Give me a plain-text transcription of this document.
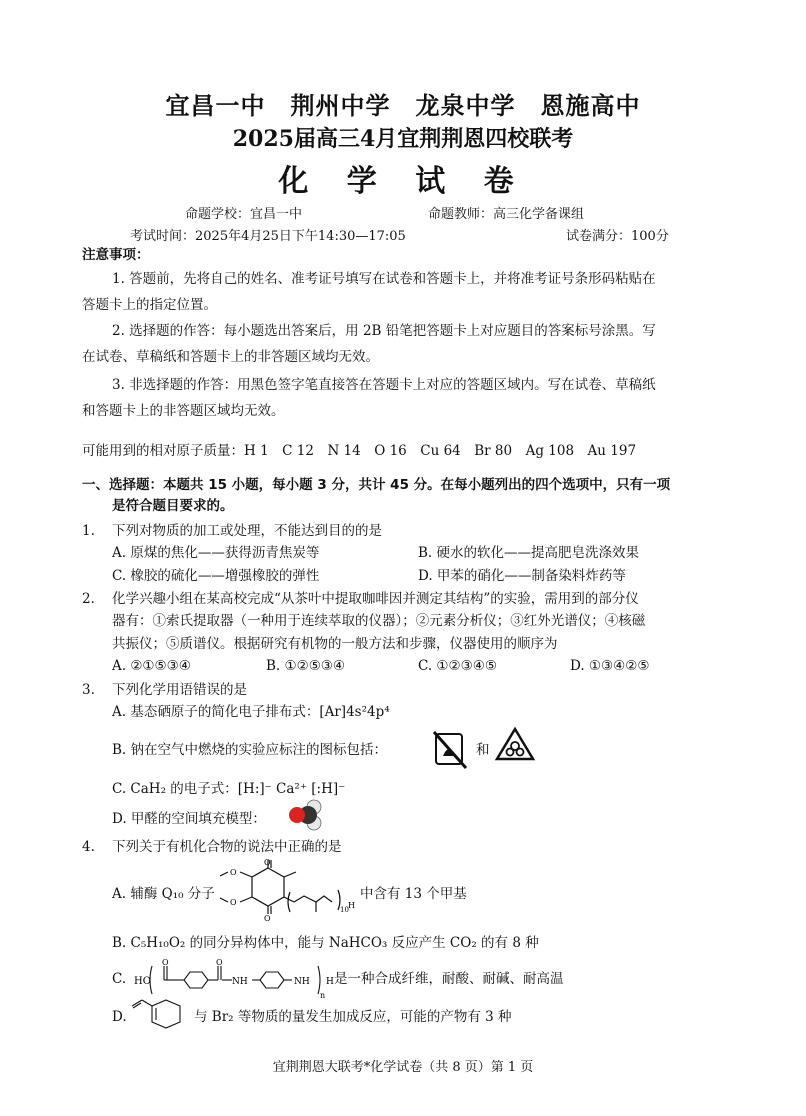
宜昌一中　荆州中学　龙泉中学　恩施高中
2025届高三4月宜荆荆恩四校联考
化 学 试 卷
命题学校：宜昌一中	命题教师：高三化学备课组
考试时间：2025年4月25日下午14:30—17:05	试卷满分：100分
注意事项：
1. 答题前，先将自己的姓名、准考证号填写在试卷和答题卡上，并将准考证号条形码粘贴在
答题卡上的指定位置。
2. 选择题的作答：每小题选出答案后，用 2B 铅笔把答题卡上对应题目的答案标号涂黑。写
在试卷、草稿纸和答题卡上的非答题区域均无效。
3. 非选择题的作答：用黑色签字笔直接答在答题卡上对应的答题区域内。写在试卷、草稿纸
和答题卡上的非答题区域均无效。
可能用到的相对原子质量：H 1　C 12　N 14　O 16　Cu 64　Br 80　Ag 108　Au 197
一、选择题：本题共 15 小题，每小题 3 分，共计 45 分。在每小题列出的四个选项中，只有一项
是符合题目要求的。
1. 下列对物质的加工或处理，不能达到目的的是
A. 原煤的焦化——获得沥青焦炭等	B. 硬水的软化——提高肥皂洗涤效果
C. 橡胶的硫化——增强橡胶的弹性	D. 甲苯的硝化——制备染料炸药等
2. 化学兴趣小组在某高校完成“从茶叶中提取咖啡因并测定其结构”的实验，需用到的部分仪
器有：①索氏提取器（一种用于连续萃取的仪器）；②元素分析仪；③红外光谱仪；④核磁
共振仪；⑤质谱仪。根据研究有机物的一般方法和步骤，仪器使用的顺序为
A. ②①⑤③④	B. ①②⑤③④	C. ①②③④⑤	D. ①③④②⑤
3. 下列化学用语错误的是
A. 基态硒原子的简化电子排布式：[Ar]4s²4p⁴
B. 钠在空气中燃烧的实验应标注的图标包括：	和
C. CaH₂ 的电子式：[H:]⁻ Ca²⁺ [:H]⁻
D. 甲醛的空间填充模型：
4. 下列关于有机化合物的说法中正确的是
A. 辅酶 Q₁₀ 分子
O
O
O
O
10 H
中含有 13 个甲基
B. C₅H₁₀O₂ 的同分异构体中，能与 NaHCO₃ 反应产生 CO₂ 的有 8 种
C. HO
O	O
NH	NH
n
H 是一种合成纤维，耐酸、耐碱、耐高温
D.	与 Br₂ 等物质的量发生加成反应，可能的产物有 3 种
宜荆荆恩大联考*化学试卷（共 8 页）第 1 页
